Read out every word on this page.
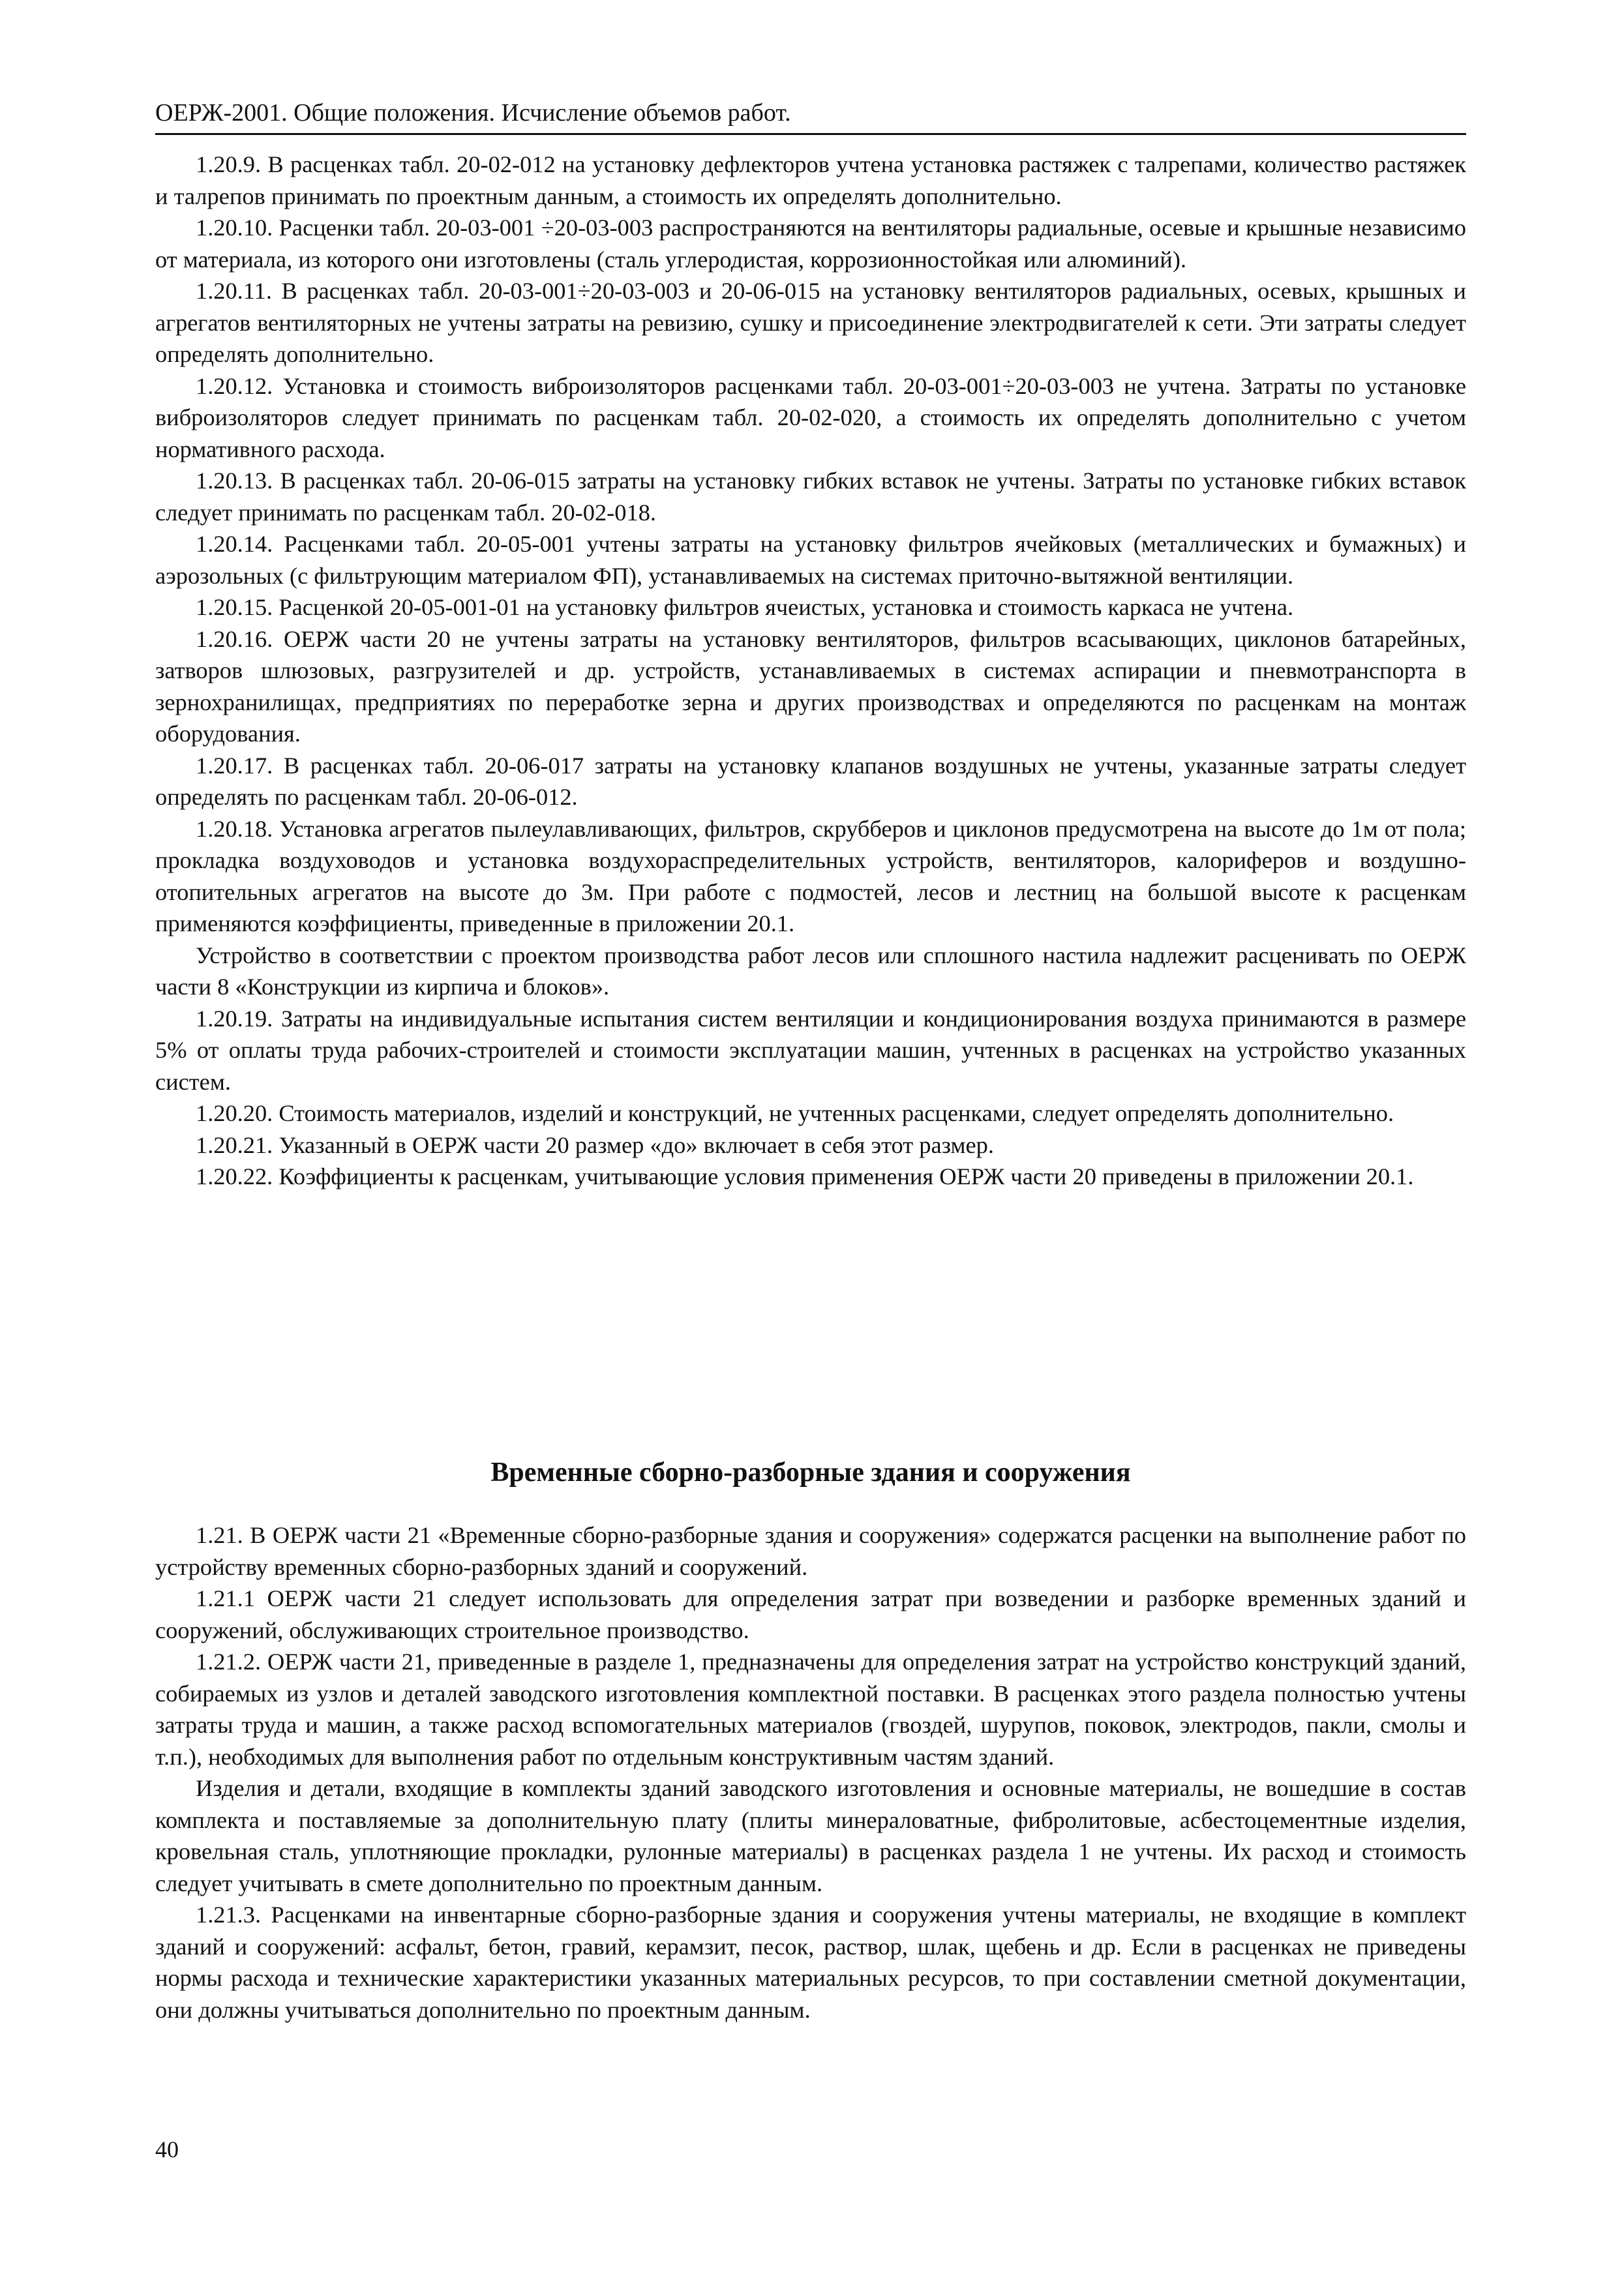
ОЕРЖ-2001. Общие положения. Исчисление объемов работ.

1.20.9. В расценках табл. 20-02-012 на установку дефлекторов учтена установка растяжек с талрепами, количество растяжек и талрепов принимать по проектным данным, а стоимость их определять дополнительно.

1.20.10. Расценки табл. 20-03-001 ÷20-03-003 распространяются на вентиляторы радиальные, осевые и крышные независимо от материала, из которого они изготовлены (сталь углеродистая, коррозионностойкая или алюминий).

1.20.11. В расценках табл. 20-03-001÷20-03-003 и 20-06-015 на установку вентиляторов радиальных, осевых, крышных и агрегатов вентиляторных не учтены затраты на ревизию, сушку и присоединение электродвигателей к сети. Эти затраты следует определять дополнительно.

1.20.12. Установка и стоимость виброизоляторов расценками табл. 20-03-001÷20-03-003 не учтена. Затраты по установке виброизоляторов следует принимать по расценкам табл. 20-02-020, а стоимость их определять дополнительно с учетом нормативного расхода.

1.20.13. В расценках табл. 20-06-015 затраты на установку гибких вставок не учтены. Затраты по установке гибких вставок следует принимать по расценкам табл. 20-02-018.

1.20.14. Расценками табл. 20-05-001 учтены затраты на установку фильтров ячейковых (металлических и бумажных) и аэрозольных (с фильтрующим материалом ФП), устанавливаемых на системах приточно-вытяжной вентиляции.

1.20.15. Расценкой 20-05-001-01 на установку фильтров ячеистых, установка и стоимость каркаса не учтена.

1.20.16. ОЕРЖ части 20 не учтены затраты на установку вентиляторов, фильтров всасывающих, циклонов батарейных, затворов шлюзовых, разгрузителей и др. устройств, устанавливаемых в системах аспирации и пневмотранспорта в зернохранилищах, предприятиях по переработке зерна и других производствах и определяются по расценкам на монтаж оборудования.

1.20.17. В расценках табл. 20-06-017 затраты на установку клапанов воздушных не учтены, указанные затраты следует определять по расценкам табл. 20-06-012.

1.20.18. Установка агрегатов пылеулавливающих, фильтров, скрубберов и циклонов предусмотрена на высоте до 1м от пола; прокладка воздуховодов и установка воздухораспределительных устройств, вентиляторов, калориферов и воздушно-отопительных агрегатов на высоте до 3м. При работе с подмостей, лесов и лестниц на большой высоте к расценкам применяются коэффициенты, приведенные в приложении 20.1.

Устройство в соответствии с проектом производства работ лесов или сплошного настила надлежит расценивать по ОЕРЖ части 8 «Конструкции из кирпича и блоков».

1.20.19. Затраты на индивидуальные испытания систем вентиляции и кондиционирования воздуха принимаются в размере 5% от оплаты труда рабочих-строителей и стоимости эксплуатации машин, учтенных в расценках на устройство указанных систем.

1.20.20. Стоимость материалов, изделий и конструкций, не учтенных расценками, следует определять дополнительно.

1.20.21. Указанный в ОЕРЖ части 20 размер «до» включает в себя этот размер.

1.20.22. Коэффициенты к расценкам, учитывающие условия применения ОЕРЖ части 20 приведены в приложении 20.1.

Временные сборно-разборные здания и сооружения

1.21. В ОЕРЖ части 21 «Временные сборно-разборные здания и сооружения» содержатся расценки на выполнение работ по устройству временных сборно-разборных зданий и сооружений.

1.21.1 ОЕРЖ части 21 следует использовать для определения затрат при возведении и разборке временных зданий и сооружений, обслуживающих строительное производство.

1.21.2. ОЕРЖ части 21, приведенные в разделе 1, предназначены для определения затрат на устройство конструкций зданий, собираемых из узлов и деталей заводского изготовления комплектной поставки. В расценках этого раздела полностью учтены затраты труда и машин, а также расход вспомогательных материалов (гвоздей, шурупов, поковок, электродов, пакли, смолы и т.п.), необходимых для выполнения работ по отдельным конструктивным частям зданий.

Изделия и детали, входящие в комплекты зданий заводского изготовления и основные материалы, не вошедшие в состав комплекта и поставляемые за дополнительную плату (плиты минераловатные, фибролитовые, асбестоцементные изделия, кровельная сталь, уплотняющие прокладки, рулонные материалы) в расценках раздела 1 не учтены. Их расход и стоимость следует учитывать в смете дополнительно по проектным данным.

1.21.3. Расценками на инвентарные сборно-разборные здания и сооружения учтены материалы, не входящие в комплект зданий и сооружений: асфальт, бетон, гравий, керамзит, песок, раствор, шлак, щебень и др. Если в расценках не приведены нормы расхода и технические характеристики указанных материальных ресурсов, то при составлении сметной документации, они должны учитываться дополнительно по проектным данным.

40
